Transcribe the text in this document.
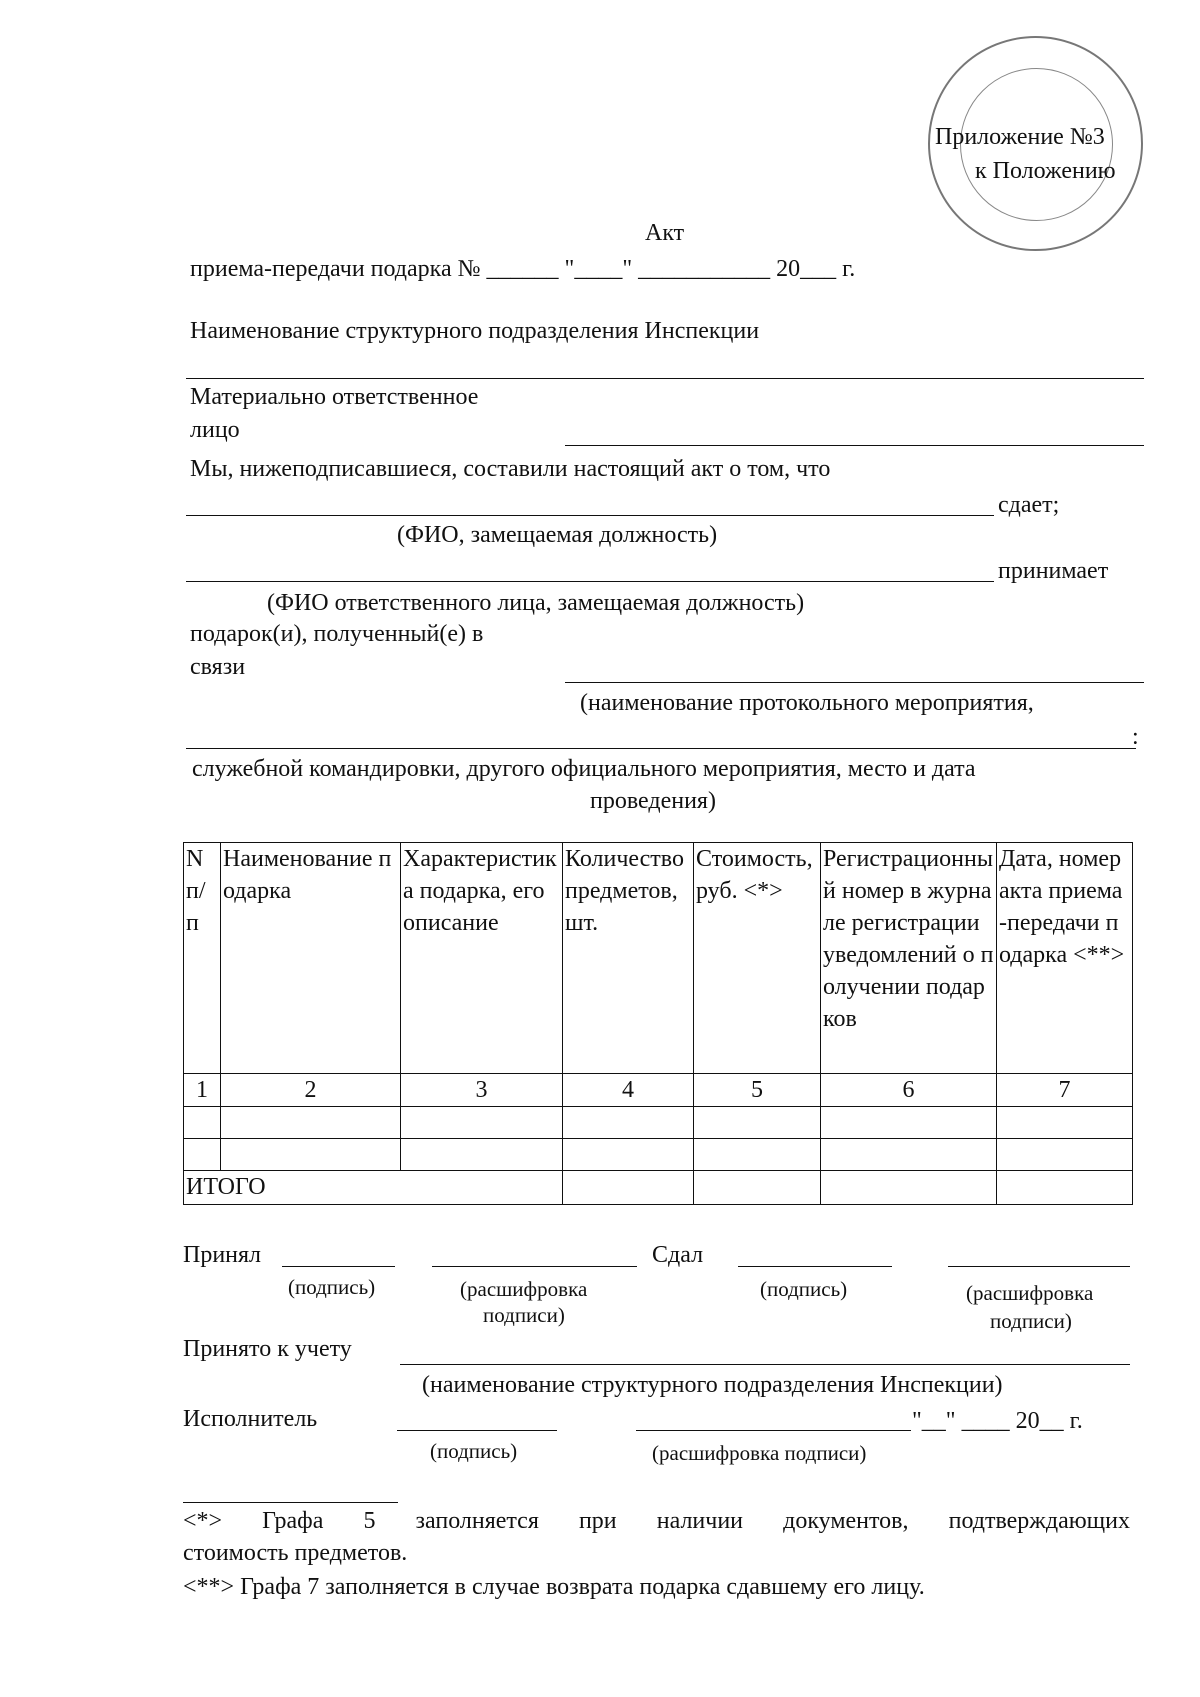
Приложение №3
к Положению
Акт
приема-передачи подарка № ______ "____" ___________ 20___ г.
Наименование структурного подразделения Инспекции
Материально ответственное
лицо
Мы, нижеподписавшиеся, составили настоящий акт о том, что
сдает;
(ФИО, замещаемая должность)
принимает
(ФИО ответственного лица, замещаемая должность)
подарок(и), полученный(е) в
связи
(наименование протокольного мероприятия,
:
служебной командировки, другого официального мероприятия, место и дата
проведения)
N п/п	Наименование подарка	Характеристика подарка, его описание	Количество предметов, шт.	Стоимость, руб. <*>	Регистрационный номер в журнале регистрации уведомлений о получении подарков	Дата, номер акта приема-передачи подарка <**>
1	2	3	4	5	6	7

ИТОГО						
Принял	Сдал
(подпись)	(расшифровка
подписи)
(подпись)	(расшифровка
подписи)
Принято к учету
(наименование структурного подразделения Инспекции)
Исполнитель	"__" ____ 20__ г.
(подпись)	(расшифровка подписи)
<*> Графа 5 заполняется при наличии документов, подтверждающих
стоимость предметов.
<**> Графа 7 заполняется в случае возврата подарка сдавшему его лицу.
